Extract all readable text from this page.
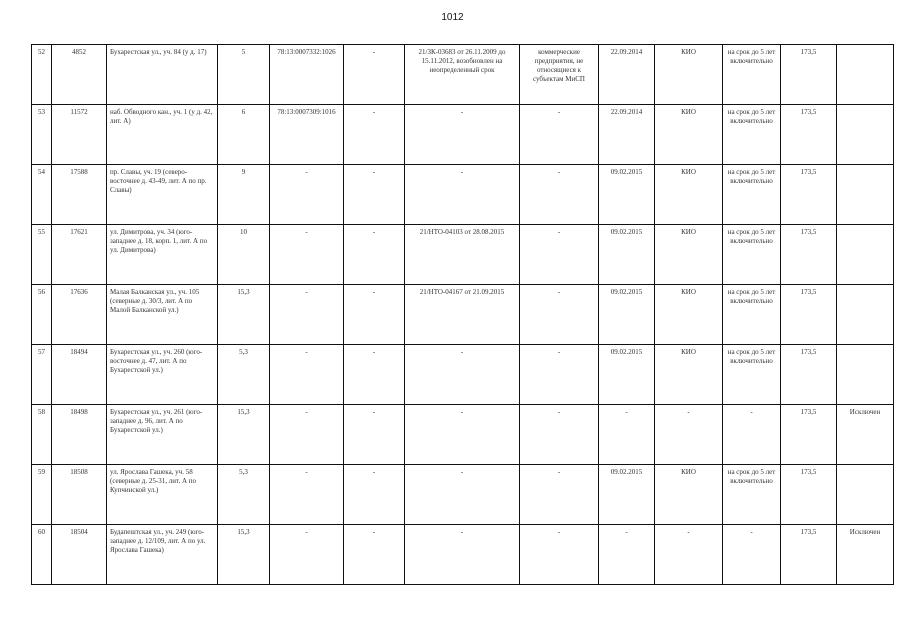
1012
52	4852	Бухарестская ул., уч. 84 (у д. 17)	5	78:13:0007332:1026	-	21/ЗК-03683 от 26.11.2009 до 15.11.2012, возобновлен на неопределенный срок	коммерческие предприятия, не относящиеся к субъектам МиСП	22.09.2014	КИО	на срок до 5 лет включительно	173,5	
53	11572	наб. Обводного кан., уч. 1 (у д. 42, лит. А)	6	78:13:0007309:1016	-	-	-	22.09.2014	КИО	на срок до 5 лет включительно	173,5	
54	17588	пр. Славы, уч. 19 (северо-восточнее д. 43-49, лит. А по пр. Славы)	9	-	-	-	-	09.02.2015	КИО	на срок до 5 лет включительно	173,5	
55	17621	ул. Димитрова, уч. 34 (юго-западнее д. 18, корп. 1, лит. А по ул. Димитрова)	10	-	-	21/НТО-04103 от 28.08.2015	-	09.02.2015	КИО	на срок до 5 лет включительно	173,5	
56	17636	Малая Балканская ул., уч. 105 (северные д. 30/3, лит. А по Малой Балканской ул.)	15,3	-	-	21/НТО-04167 от 21.09.2015	-	09.02.2015	КИО	на срок до 5 лет включительно	173,5	
57	18494	Бухарестская ул., уч. 260 (юго-восточнее д. 47, лит. А по Бухарестской ул.)	5,3	-	-	-	-	09.02.2015	КИО	на срок до 5 лет включительно	173,5	
58	18498	Бухарестская ул., уч. 261 (юго-западнее д. 96, лит. А по Бухарестской ул.)	15,3	-	-	-	-	-	-	-	173,5	Исключен
59	18508	ул. Ярослава Гашека, уч. 58 (северные д. 25-31, лит. А по Купчинской ул.)	5,3	-	-	-	-	09.02.2015	КИО	на срок до 5 лет включительно	173,5	
60	18504	Будапештская ул., уч. 249 (юго-западнее д. 12/109, лит. А по ул. Ярослава Гашека)	15,3	-	-	-	-	-	-	-	173,5	Исключен
